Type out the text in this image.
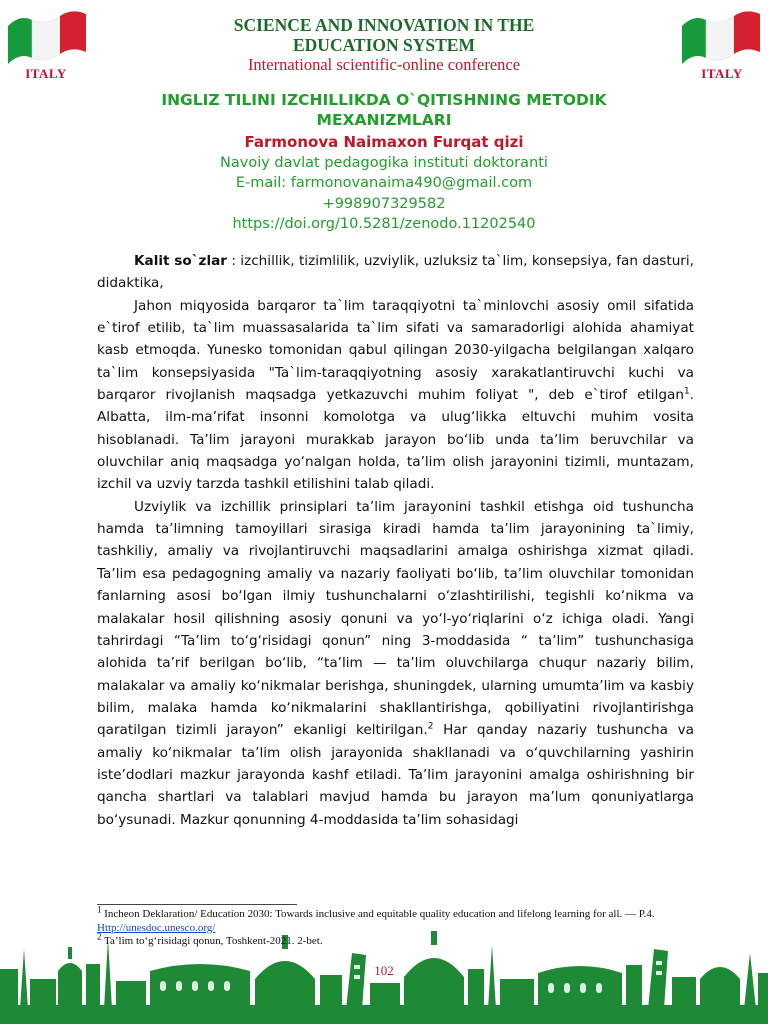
ITALY	ITALY
SCIENCE AND INNOVATION IN THE
EDUCATION SYSTEM
International scientific-online conference
INGLIZ TILINI IZCHILLIKDA O`QITISHNING METODIK
MEXANIZMLARI
Farmonova Naimaxon Furqat qizi
Navoiy davlat pedagogika instituti doktoranti
E-mail: farmonovanaima490@gmail.com
+998907329582
https://doi.org/10.5281/zenodo.11202540

Kalit so`zlar : izchillik, tizimlilik, uzviylik, uzluksiz ta`lim, konsepsiya, fan dasturi, didaktika,

Jahon miqyosida barqaror ta`lim taraqqiyotni ta`minlovchi asosiy omil sifatida e`tirof etilib, ta`lim muassasalarida ta`lim sifati va samaradorligi alohida ahamiyat kasb etmoqda. Yunesko tomonidan qabul qilingan 2030-yilgacha belgilangan xalqaro ta`lim konsepsiyasida "Ta`lim-taraqqiyotning asosiy xarakatlantiruvchi kuchi va barqaror rivojlanish maqsadga yetkazuvchi muhim foliyat ", deb e`tirof etilgan$^1$. Albatta, ilm-ma’rifat insonni komolotga va ulug‘likka eltuvchi muhim vosita hisoblanadi. Ta’lim jarayoni murakkab jarayon bo‘lib unda ta’lim beruvchilar va oluvchilar aniq maqsadga yo‘nalgan holda, ta’lim olish jarayonini tizimli, muntazam, izchil va uzviy tarzda tashkil etilishini talab qiladi.

Uzviylik va izchillik prinsiplari ta’lim jarayonini tashkil etishga oid tushuncha hamda ta’limning tamoyillari sirasiga kiradi hamda ta’lim jarayonining ta`limiy, tashkiliy, amaliy va rivojlantiruvchi maqsadlarini amalga oshirishga xizmat qiladi. Ta’lim esa pedagogning amaliy va nazariy faoliyati bo‘lib, ta’lim oluvchilar tomonidan fanlarning asosi bo‘lgan ilmiy tushunchalarni o‘zlashtirilishi, tegishli ko‘nikma va malakalar hosil qilishning asosiy qonuni va yo‘l-yo‘riqlarini o‘z ichiga oladi. Yangi tahrirdagi “Ta’lim to‘g‘risidagi qonun” ning 3-moddasida “ ta’lim” tushunchasiga alohida ta’rif berilgan bo‘lib, “ta’lim — ta’lim oluvchilarga chuqur nazariy bilim, malakalar va amaliy ko‘nikmalar berishga, shuningdek, ularning umumta’lim va kasbiy bilim, malaka hamda ko‘nikmalarini shakllantirishga, qobiliyatini rivojlantirishga qaratilgan tizimli jarayon” ekanligi keltirilgan.$^2$ Har qanday nazariy tushuncha va amaliy ko‘nikmalar ta’lim olish jarayonida shakllanadi va o‘quvchilarning yashirin iste’dodlari mazkur jarayonda kashf etiladi. Ta’lim jarayonini amalga oshirishning bir qancha shartlari va talablari mavjud hamda bu jarayon ma’lum qonuniyatlarga bo‘ysunadi. Mazkur qonunning 4-moddasida ta’lim sohasidagi

$^1$ Incheon Deklaration/ Education 2030: Towards inclusive and equitable quality education and lifelong learning for all. — P.4. Http://unesdoc.unesco.org/
$^2$ Ta’lim to‘g‘risidagi qonun, Toshkent-2021. 2-bet.
102
